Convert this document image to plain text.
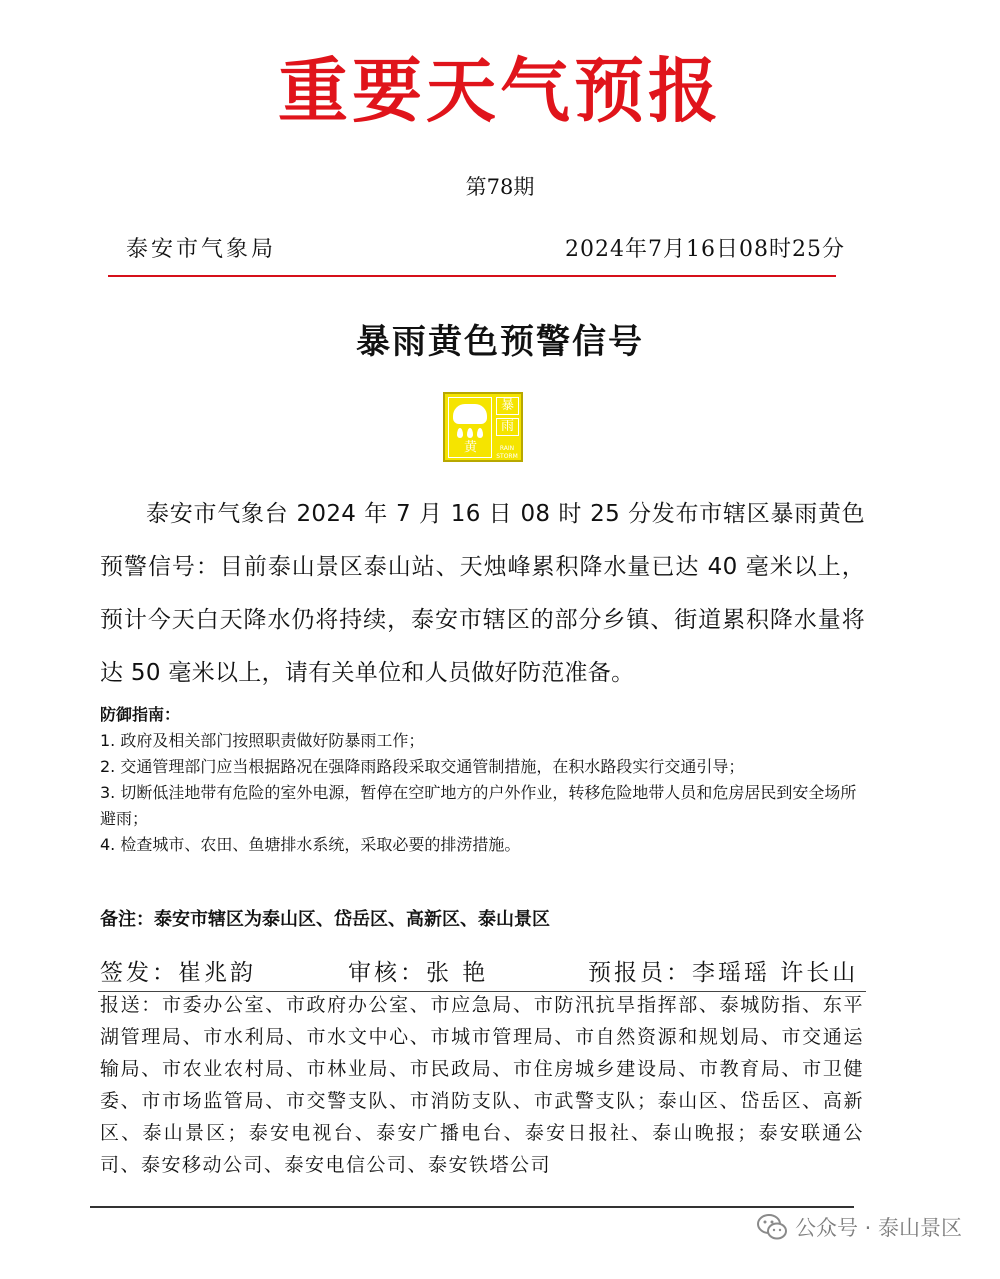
重要天气预报
第78期
泰安市气象局	2024年7月16日08时25分
暴雨黄色预警信号
黄
暴
雨
RAIN STORM
泰安市气象台 2024 年 7 月 16 日 08 时 25 分发布市辖区暴雨黄色预警信号：目前泰山景区泰山站、天烛峰累积降水量已达 40 毫米以上，预计今天白天降水仍将持续，泰安市辖区的部分乡镇、街道累积降水量将达 50 毫米以上，请有关单位和人员做好防范准备。
防御指南：
1. 政府及相关部门按照职责做好防暴雨工作；
2. 交通管理部门应当根据路况在强降雨路段采取交通管制措施，在积水路段实行交通引导；
3. 切断低洼地带有危险的室外电源，暂停在空旷地方的户外作业，转移危险地带人员和危房居民到安全场所避雨；
4. 检查城市、农田、鱼塘排水系统，采取必要的排涝措施。
备注：泰安市辖区为泰山区、岱岳区、高新区、泰山景区
签发：崔兆韵	审核：张 艳	预报员：李瑶瑶 许长山
报送：市委办公室、市政府办公室、市应急局、市防汛抗旱指挥部、泰城防指、东平湖管理局、市水利局、市水文中心、市城市管理局、市自然资源和规划局、市交通运输局、市农业农村局、市林业局、市民政局、市住房城乡建设局、市教育局、市卫健委、市市场监管局、市交警支队、市消防支队、市武警支队；泰山区、岱岳区、高新区、泰山景区；泰安电视台、泰安广播电台、泰安日报社、泰山晚报；泰安联通公司、泰安移动公司、泰安电信公司、泰安铁塔公司
公众号 · 泰山景区
